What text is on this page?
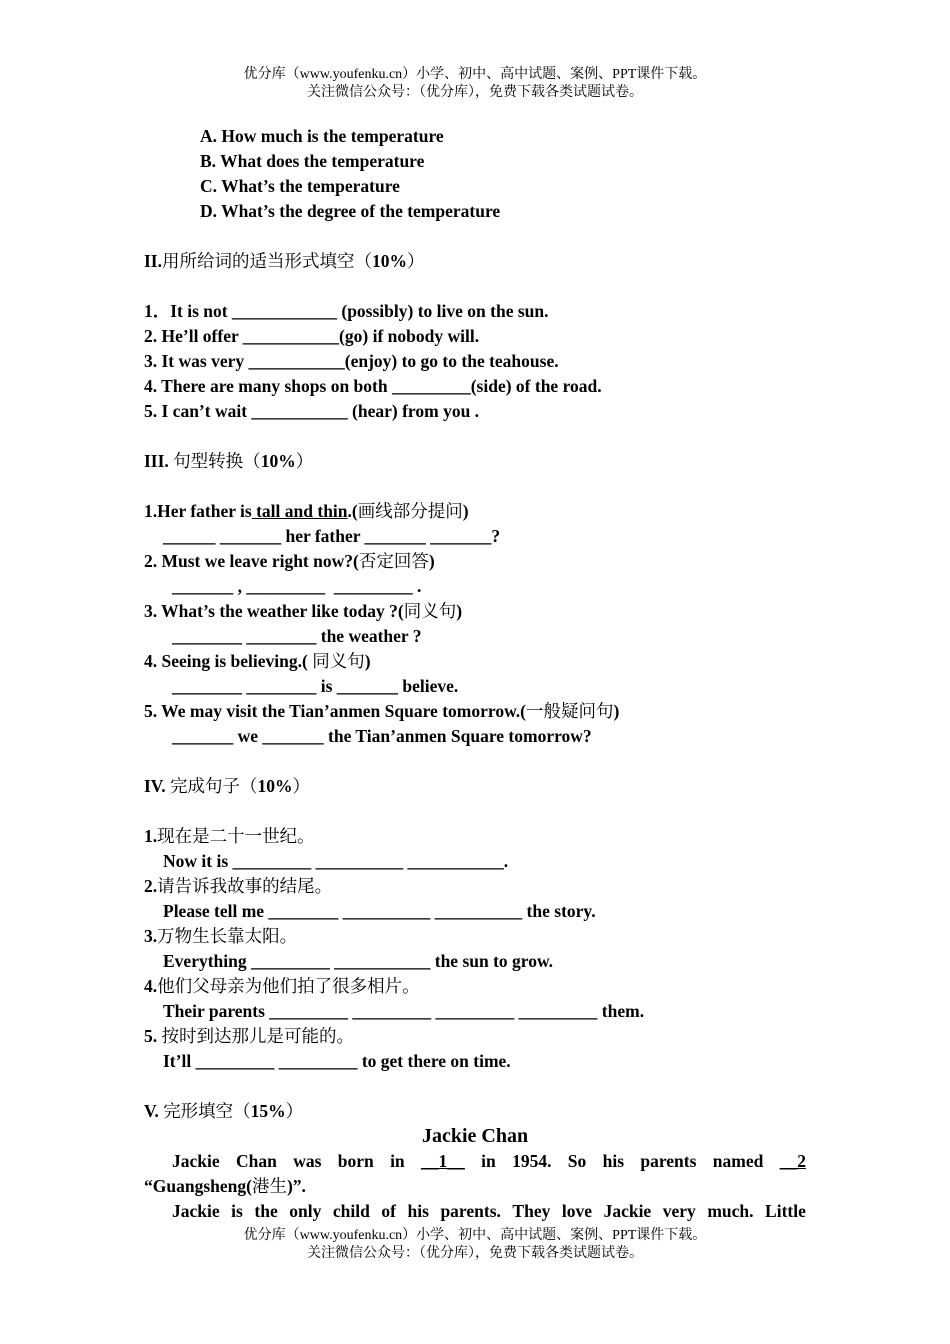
优分库（www.youfenku.cn）小学、初中、高中试题、案例、PPT课件下载。
关注微信公众号：（优分库），免费下载各类试题试卷。
A. How much is the temperature
B. What does the temperature
C. What’s the temperature
D. What’s the degree of the temperature
II.用所给词的适当形式填空（10%）
1．It is not ____________ (possibly) to live on the sun.
2. He’ll offer ___________(go) if nobody will.
3. It was very ___________(enjoy) to go to the teahouse.
4. There are many shops on both _________(side) of the road.
5. I can’t wait ___________ (hear) from you .
III. 句型转换（10%）
1.Her father is tall and thin.(画线部分提问)
______ _______ her father _______ _______?
2. Must we leave right now?(否定回答)
_______ , _________  _________ .
3. What’s the weather like today ?(同义句)
________ ________ the weather ?
4. Seeing is believing.( 同义句)
________ ________ is _______ believe.
5. We may visit the Tian’anmen Square tomorrow.(一般疑问句)
_______ we _______ the Tian’anmen Square tomorrow?
IV. 完成句子（10%）
1.现在是二十一世纪。
Now it is _________ __________ ___________.
2.请告诉我故事的结尾。
Please tell me ________ __________ __________ the story.
3.万物生长靠太阳。
Everything _________ ___________ the sun to grow.
4.他们父母亲为他们拍了很多相片。
Their parents _________ _________ _________ _________ them.
5. 按时到达那儿是可能的。
It’ll _________ _________ to get there on time.
V. 完形填空（15%）
Jackie Chan
Jackie Chan was born in __1__ in 1954. So his parents named __2
“Guangsheng(港生)”.
Jackie is the only child of his parents. They love Jackie very much. Little
优分库（www.youfenku.cn）小学、初中、高中试题、案例、PPT课件下载。
关注微信公众号：（优分库），免费下载各类试题试卷。
